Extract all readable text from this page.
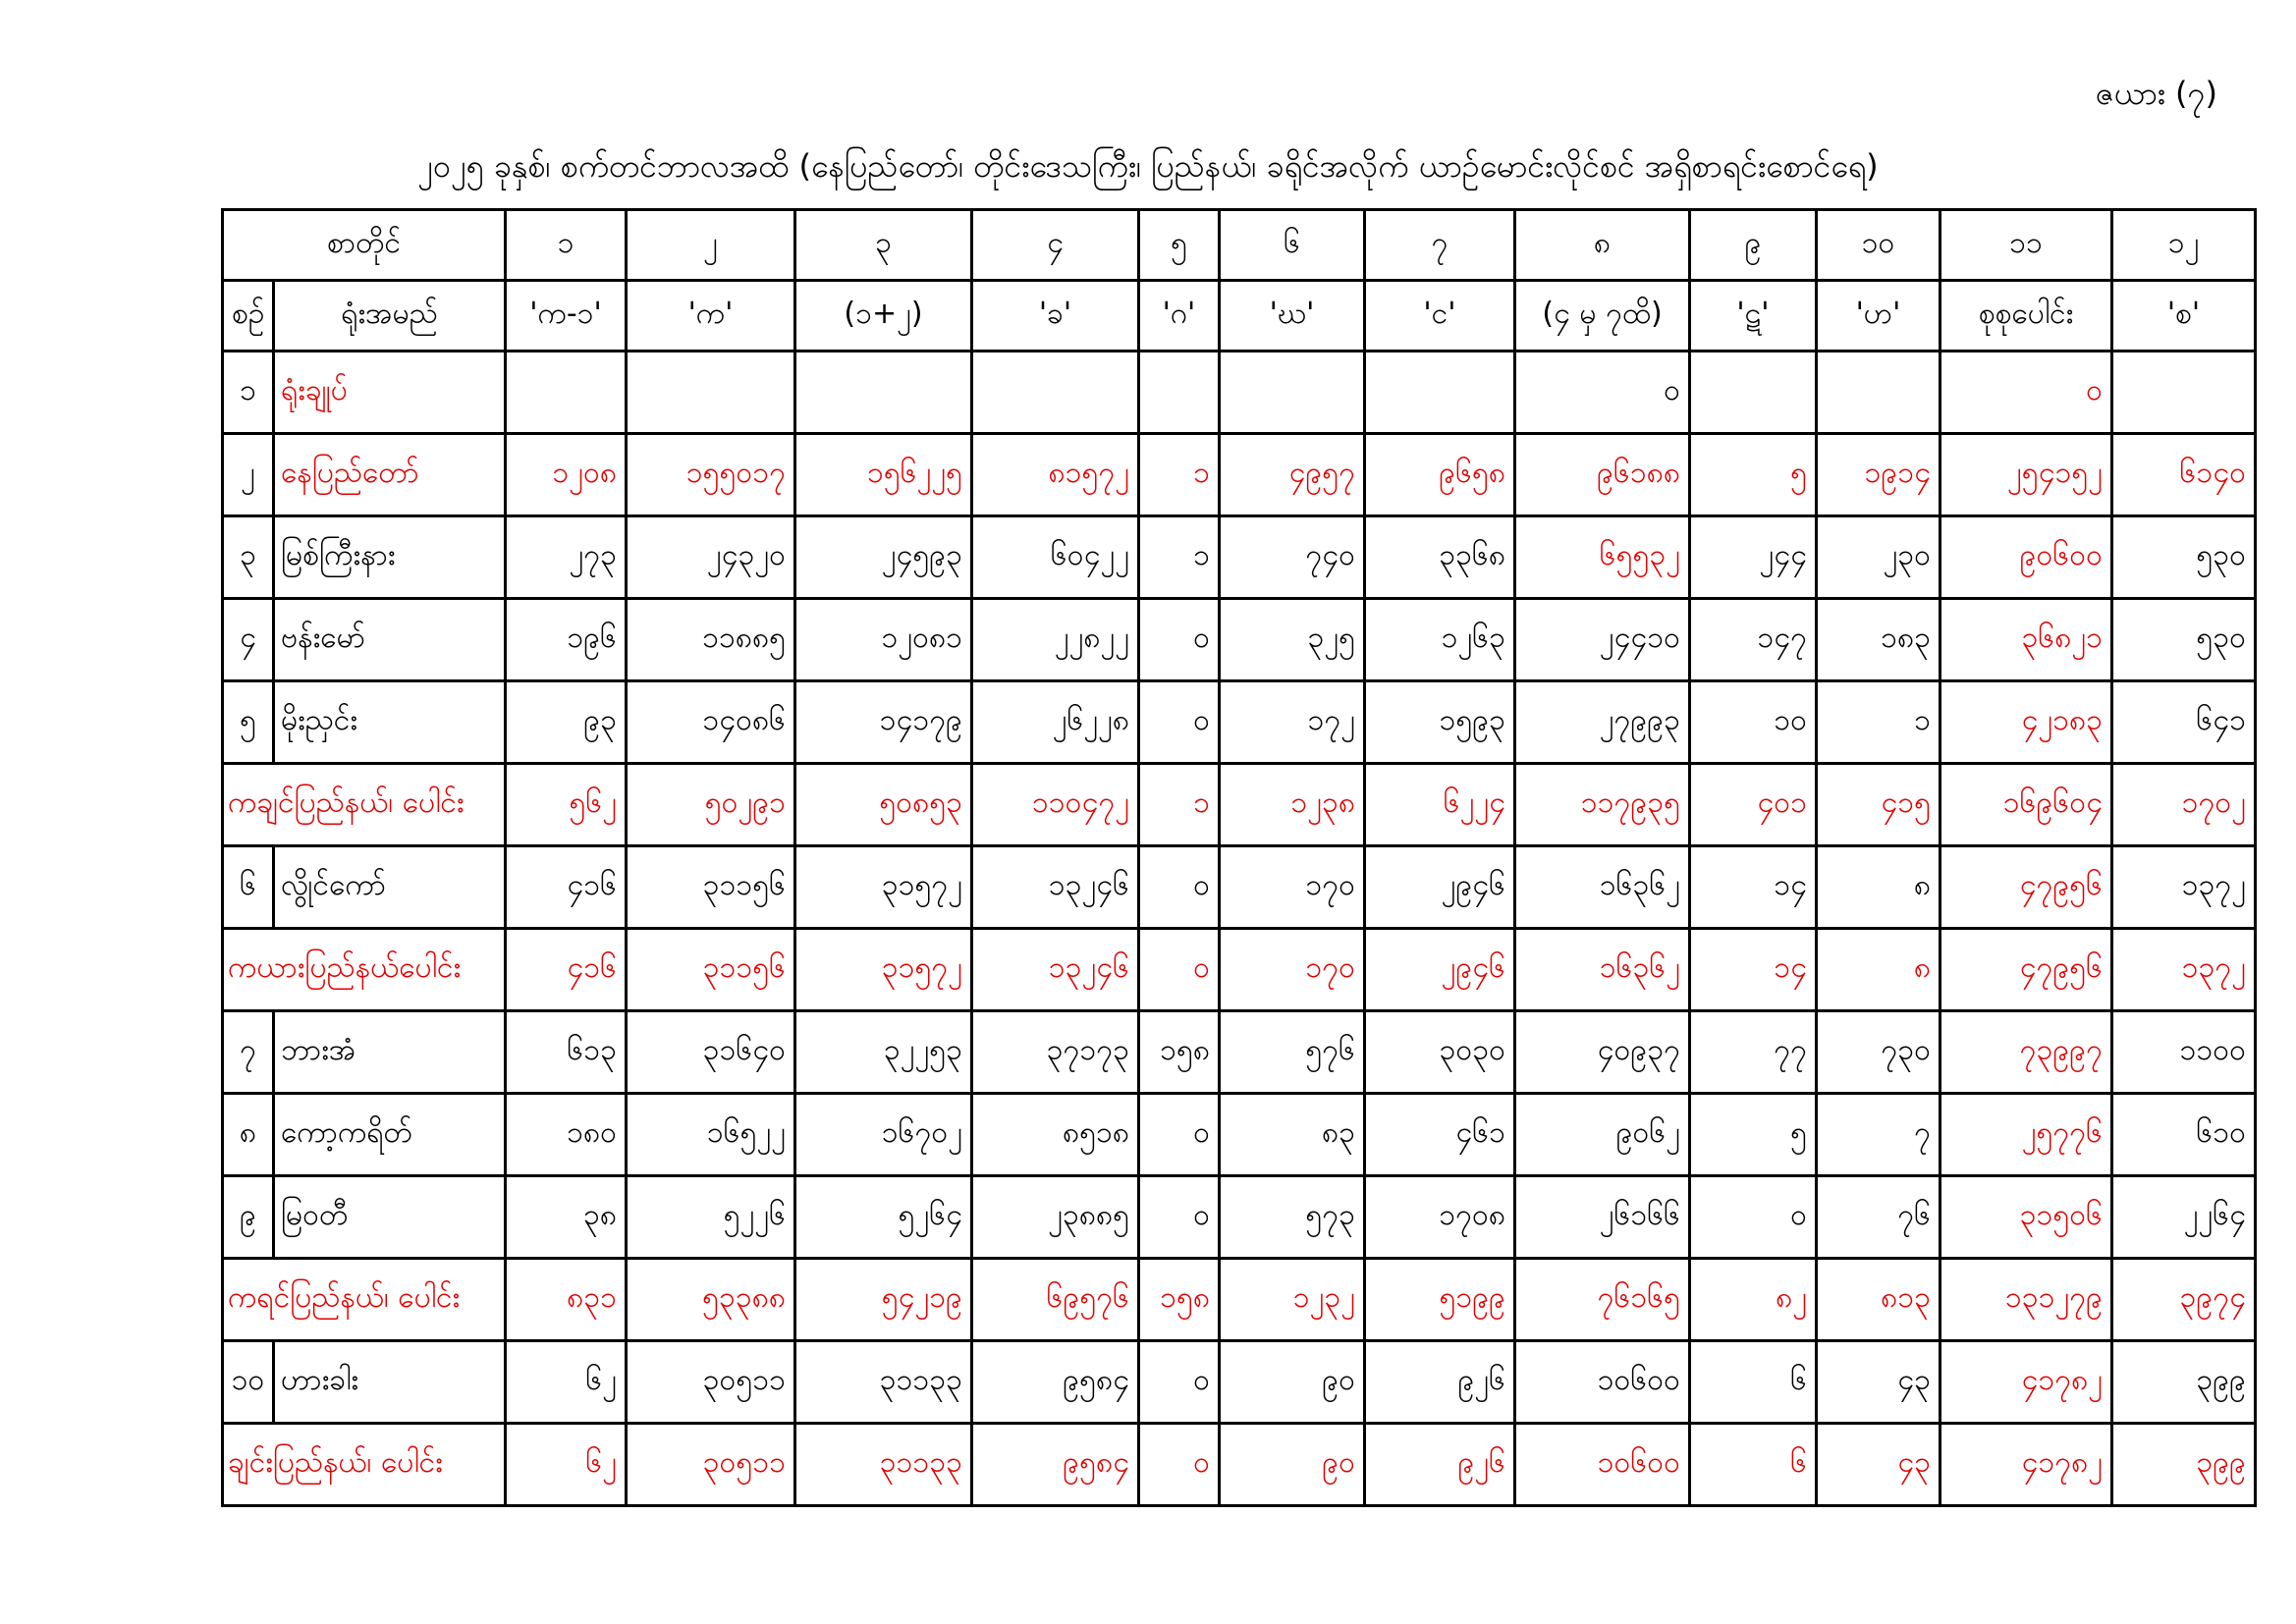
ဇယား (၇)
၂၀၂၅ ခုနှစ်၊ စက်တင်ဘာလအထိ (နေပြည်တော်၊ တိုင်းဒေသကြီး၊ ပြည်နယ်၊ ခရိုင်အလိုက် ယာဉ်မောင်းလိုင်စင် အရှိစာရင်းစောင်ရေ)
စာတိုင်		၁	၂	၃	၄	၅	၆	၇	၈	၉	၁၀	၁၁	၁၂
စဉ်	ရုံးအမည်	'က-၁'	'က'	(၁+၂)	'ခ'	'ဂ'	'ဃ'	'င'	(၄ မှ ၇ထိ)	'ဋ'	'ဟ'	စုစုပေါင်း	'စ'
၁	ရုံးချုပ်								၀			၀	
၂	နေပြည်တော်	၁၂၀၈	၁၅၅၀၁၇	၁၅၆၂၂၅	၈၁၅၇၂	၁	၄၉၅၇	၉၆၅၈	၉၆၁၈၈	၅	၁၉၁၄	၂၅၄၁၅၂	၆၁၄၀
၃	မြစ်ကြီးနား	၂၇၃	၂၄၃၂၀	၂၄၅၉၃	၆၀၄၂၂	၁	၇၄၀	၃၃၆၈	၆၅၅၃၂	၂၄၄	၂၃၀	၉၀၆၀၀	၅၃၀
၄	ဗန်းမော်	၁၉၆	၁၁၈၈၅	၁၂၀၈၁	၂၂၈၂၂	၀	၃၂၅	၁၂၆၃	၂၄၄၁၀	၁၄၇	၁၈၃	၃၆၈၂၁	၅၃၀
၅	မိုးညှင်း	၉၃	၁၄၀၈၆	၁၄၁၇၉	၂၆၂၂၈	၀	၁၇၂	၁၅၉၃	၂၇၉၉၃	၁၀	၁	၄၂၁၈၃	၆၄၁
ကချင်ပြည်နယ်၊ ပေါင်း		၅၆၂	၅၀၂၉၁	၅၀၈၅၃	၁၁၀၄၇၂	၁	၁၂၃၈	၆၂၂၄	၁၁၇၉၃၅	၄၀၁	၄၁၅	၁၆၉၆၀၄	၁၇၀၂
၆	လွိုင်ကော်	၄၁၆	၃၁၁၅၆	၃၁၅၇၂	၁၃၂၄၆	၀	၁၇၀	၂၉၄၆	၁၆၃၆၂	၁၄	၈	၄၇၉၅၆	၁၃၇၂
ကယားပြည်နယ်ပေါင်း		၄၁၆	၃၁၁၅၆	၃၁၅၇၂	၁၃၂၄၆	၀	၁၇၀	၂၉၄၆	၁၆၃၆၂	၁၄	၈	၄၇၉၅၆	၁၃၇၂
၇	ဘားအံ	၆၁၃	၃၁၆၄၀	၃၂၂၅၃	၃၇၁၇၃	၁၅၈	၅၇၆	၃၀၃၀	၄၀၉၃၇	၇၇	၇၃၀	၇၃၉၉၇	၁၁၀၀
၈	ကော့ကရိတ်	၁၈၀	၁၆၅၂၂	၁၆၇၀၂	၈၅၁၈	၀	၈၃	၄၆၁	၉၀၆၂	၅	၇	၂၅၇၇၆	၆၁၀
၉	မြဝတီ	၃၈	၅၂၂၆	၅၂၆၄	၂၃၈၈၅	၀	၅၇၃	၁၇၀၈	၂၆၁၆၆	၀	၇၆	၃၁၅၀၆	၂၂၆၄
ကရင်ပြည်နယ်၊ ပေါင်း		၈၃၁	၅၃၃၈၈	၅၄၂၁၉	၆၉၅၇၆	၁၅၈	၁၂၃၂	၅၁၉၉	၇၆၁၆၅	၈၂	၈၁၃	၁၃၁၂၇၉	၃၉၇၄
၁၀	ဟားခါး	၆၂	၃၀၅၁၁	၃၁၁၃၃	၉၅၈၄	၀	၉၀	၉၂၆	၁၀၆၀၀	၆	၄၃	၄၁၇၈၂	၃၉၉
ချင်းပြည်နယ်၊ ပေါင်း		၆၂	၃၀၅၁၁	၃၁၁၃၃	၉၅၈၄	၀	၉၀	၉၂၆	၁၀၆၀၀	၆	၄၃	၄၁၇၈၂	၃၉၉
